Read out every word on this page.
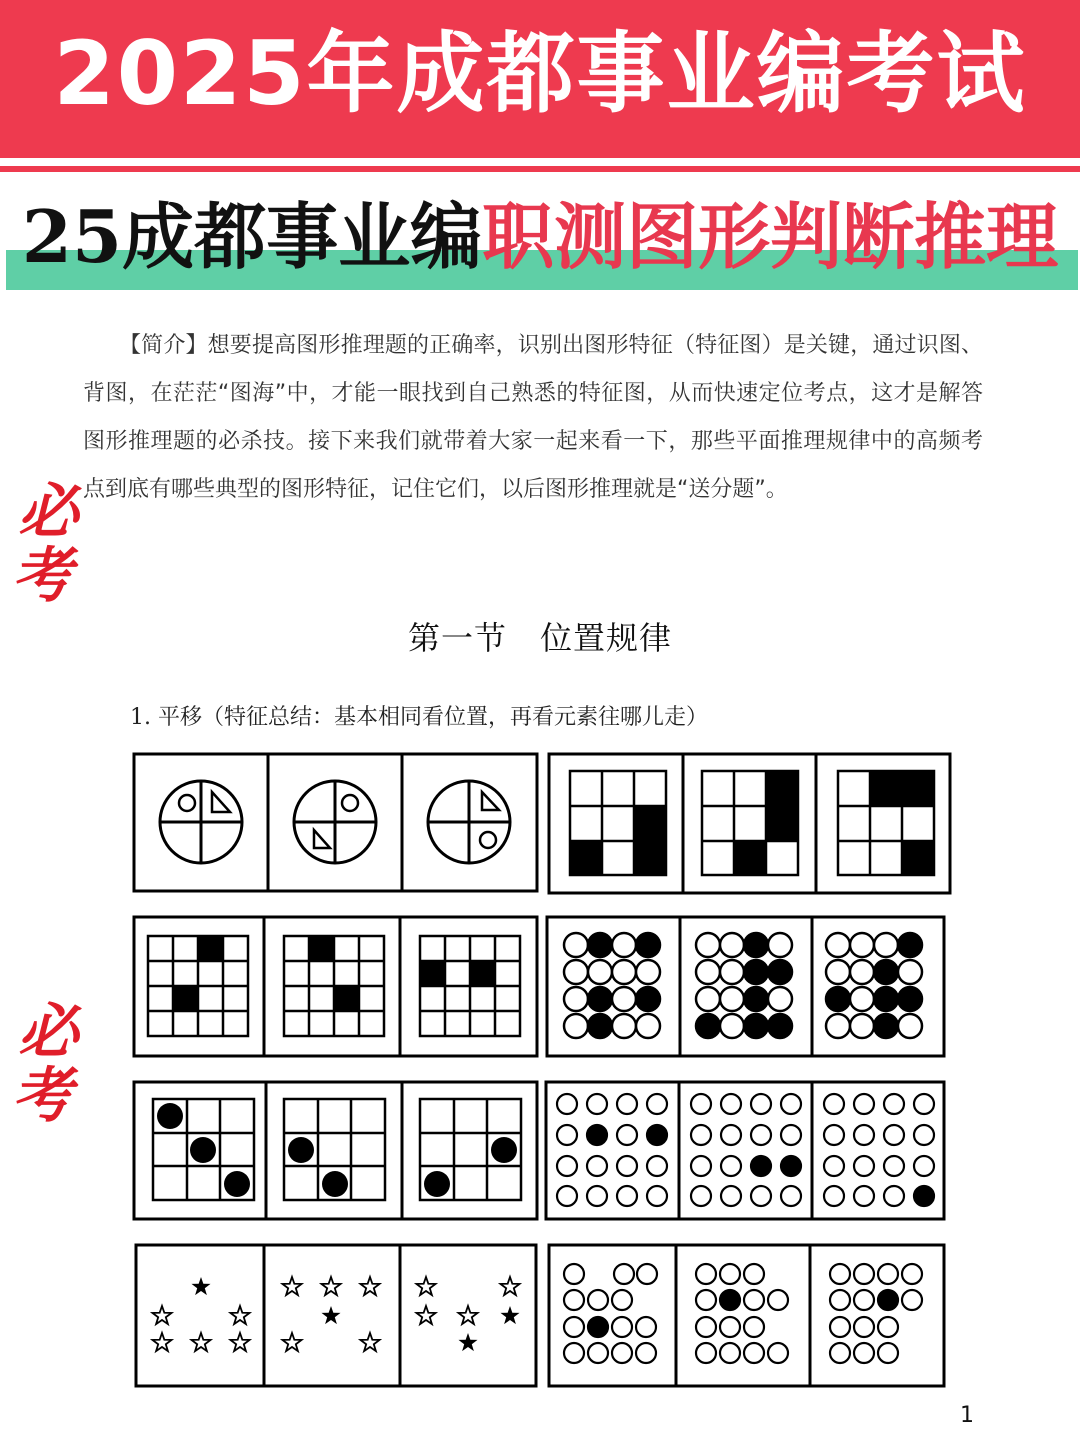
2025年成都事业编考试
25成都事业编职测图形判断推理
【简介】想要提高图形推理题的正确率，识别出图形特征（特征图）是关键，通过识图、背图，在茫茫“图海”中，才能一眼找到自己熟悉的特征图，从而快速定位考点，这才是解答图形推理题的必杀技。接下来我们就带着大家一起来看一下，那些平面推理规律中的高频考点到底有哪些典型的图形特征，记住它们，以后图形推理就是“送分题”。
必
考
必
考
第一节　位置规律
1. 平移（特征总结：基本相同看位置，再看元素往哪儿走）
1
